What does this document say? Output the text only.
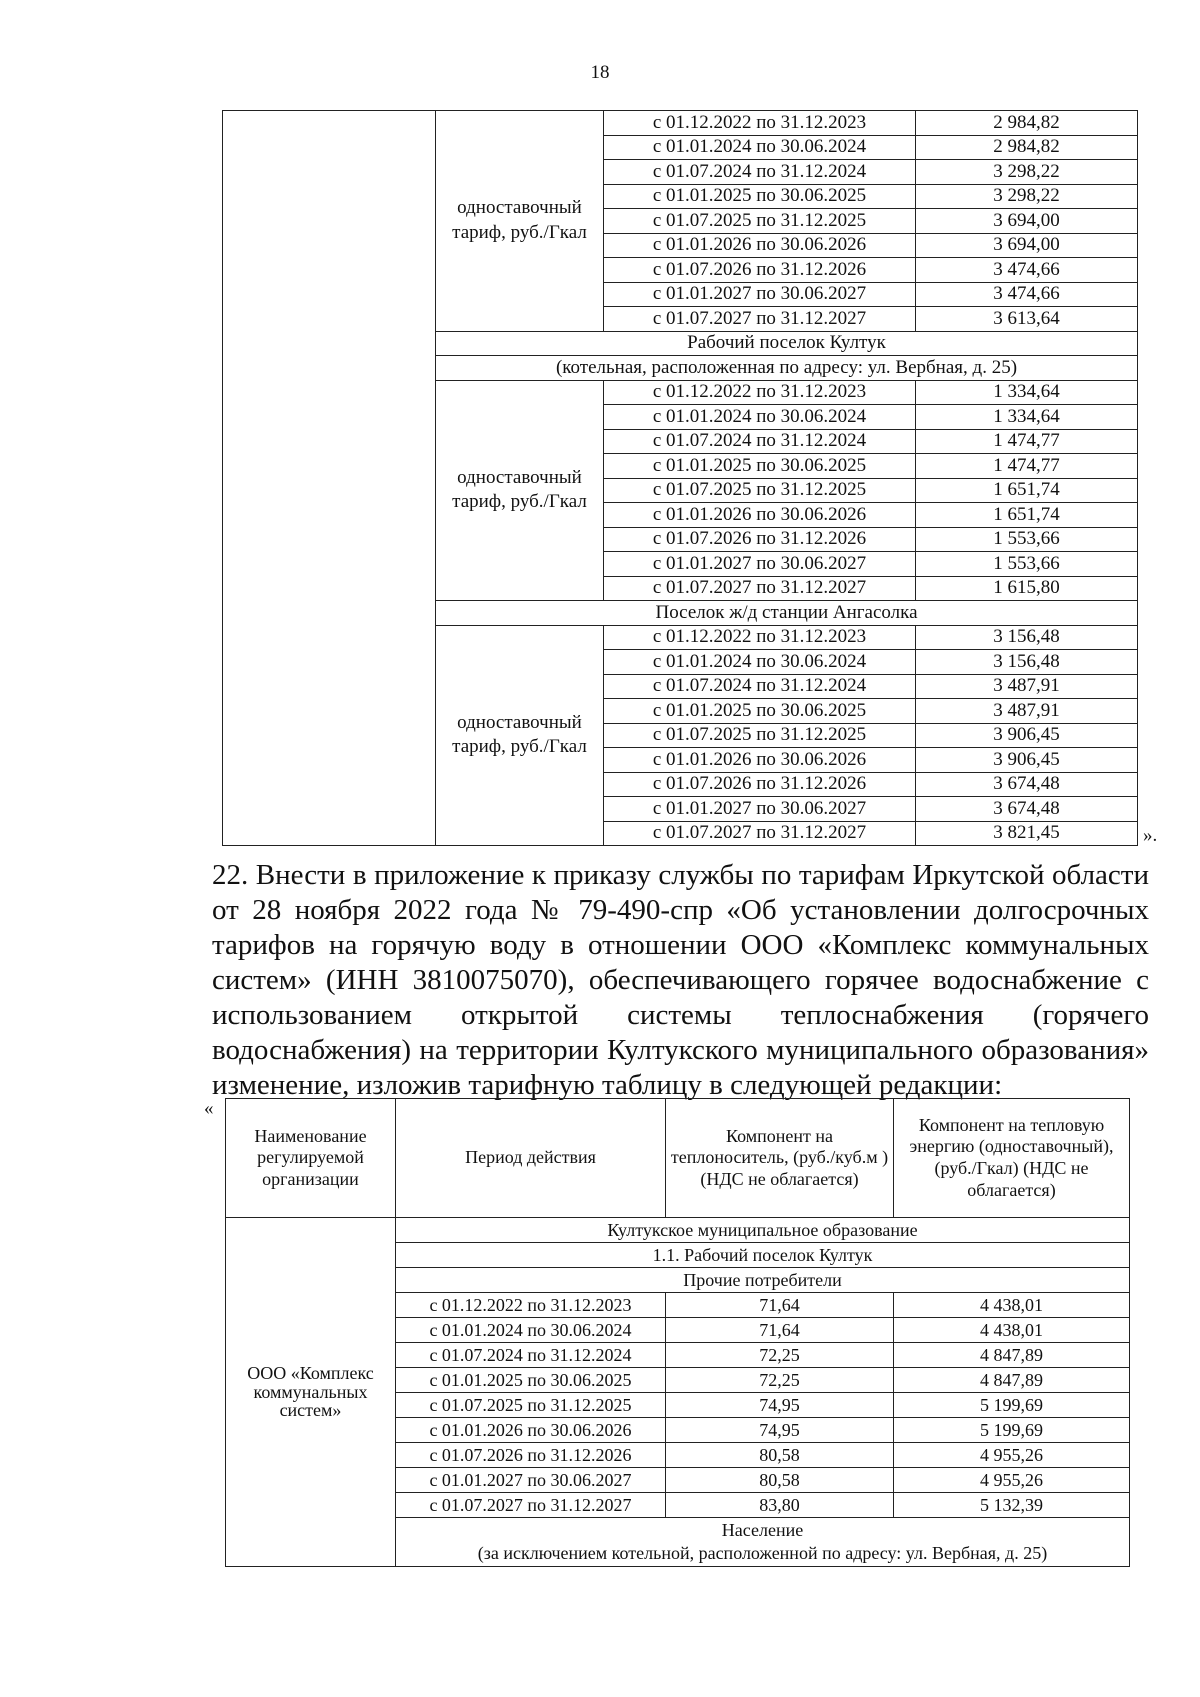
18
	одноставочный тариф, руб./Гкал	с 01.12.2022 по 31.12.2023	2 984,82
		с 01.01.2024 по 30.06.2024	2 984,82
		с 01.07.2024 по 31.12.2024	3 298,22
		с 01.01.2025 по 30.06.2025	3 298,22
		с 01.07.2025 по 31.12.2025	3 694,00
		с 01.01.2026 по 30.06.2026	3 694,00
		с 01.07.2026 по 31.12.2026	3 474,66
		с 01.01.2027 по 30.06.2027	3 474,66
		с 01.07.2027 по 31.12.2027	3 613,64
	Рабочий поселок Култук		
	(котельная, расположенная по адресу: ул. Вербная, д. 25)		
	одноставочный тариф, руб./Гкал	с 01.12.2022 по 31.12.2023	1 334,64
		с 01.01.2024 по 30.06.2024	1 334,64
		с 01.07.2024 по 31.12.2024	1 474,77
		с 01.01.2025 по 30.06.2025	1 474,77
		с 01.07.2025 по 31.12.2025	1 651,74
		с 01.01.2026 по 30.06.2026	1 651,74
		с 01.07.2026 по 31.12.2026	1 553,66
		с 01.01.2027 по 30.06.2027	1 553,66
		с 01.07.2027 по 31.12.2027	1 615,80
	Поселок ж/д станции Ангасолка		
	одноставочный тариф, руб./Гкал	с 01.12.2022 по 31.12.2023	3 156,48
		с 01.01.2024 по 30.06.2024	3 156,48
		с 01.07.2024 по 31.12.2024	3 487,91
		с 01.01.2025 по 30.06.2025	3 487,91
		с 01.07.2025 по 31.12.2025	3 906,45
		с 01.01.2026 по 30.06.2026	3 906,45
		с 01.07.2026 по 31.12.2026	3 674,48
		с 01.01.2027 по 30.06.2027	3 674,48
		с 01.07.2027 по 31.12.2027	3 821,45	».
22. Внести в приложение к приказу службы по тарифам Иркутской области от 28 ноября 2022 года № 79-490-спр «Об установлении долгосрочных тарифов на горячую воду в отношении ООО «Комплекс коммунальных систем» (ИНН 3810075070), обеспечивающего горячее водоснабжение с использованием открытой системы теплоснабжения (горячего водоснабжения) на территории Култукского муниципального образования» изменение, изложив тарифную таблицу в следующей редакции:
«
Наименование регулируемой организации	Период действия	Компонент на теплоноситель, (руб./куб.м ) (НДС не облагается)	Компонент на тепловую энергию (одноставочный), (руб./Гкал) (НДС не облагается)
ООО «Комплекс коммунальных систем»	Култукское муниципальное образование		
	1.1. Рабочий поселок Култук		
	Прочие потребители		
	с 01.12.2022 по 31.12.2023	71,64	4 438,01
	с 01.01.2024 по 30.06.2024	71,64	4 438,01
	с 01.07.2024 по 31.12.2024	72,25	4 847,89
	с 01.01.2025 по 30.06.2025	72,25	4 847,89
	с 01.07.2025 по 31.12.2025	74,95	5 199,69
	с 01.01.2026 по 30.06.2026	74,95	5 199,69
	с 01.07.2026 по 31.12.2026	80,58	4 955,26
	с 01.01.2027 по 30.06.2027	80,58	4 955,26
	с 01.07.2027 по 31.12.2027	83,80	5 132,39

	Население
(за исключением котельной, расположенной по адресу: ул. Вербная, д. 25)		
